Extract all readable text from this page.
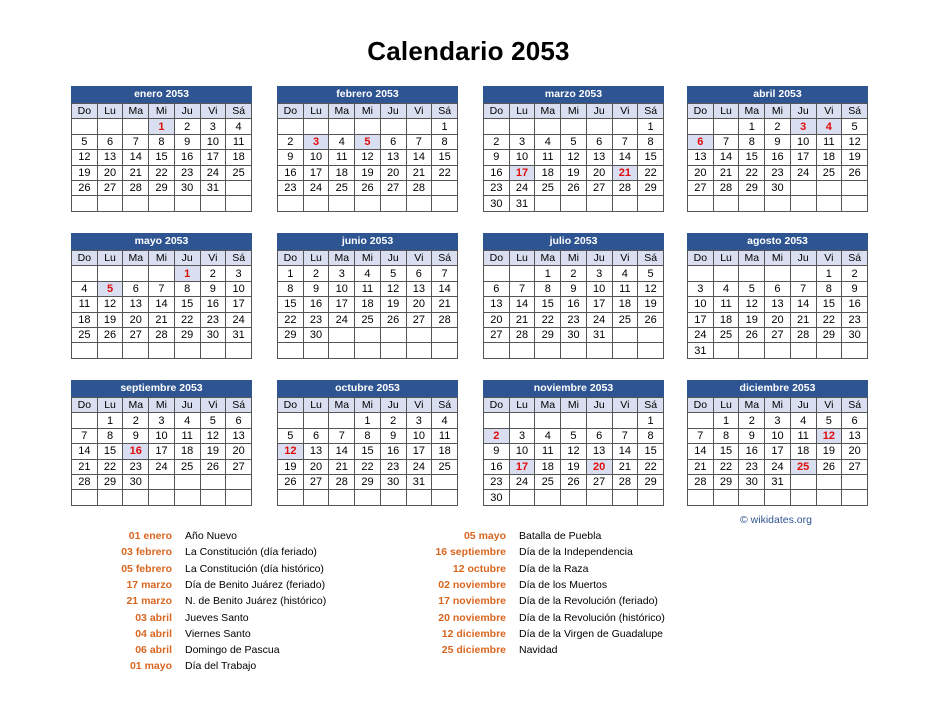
Calendario 2053
enero 2053
Do	Lu	Ma	Mi	Ju	Vi	Sá
			1	2	3	4
5	6	7	8	9	10	11
12	13	14	15	16	17	18
19	20	21	22	23	24	25
26	27	28	29	30	31	

febrero 2053
Do	Lu	Ma	Mi	Ju	Vi	Sá
						1
2	3	4	5	6	7	8
9	10	11	12	13	14	15
16	17	18	19	20	21	22
23	24	25	26	27	28	

marzo 2053
Do	Lu	Ma	Mi	Ju	Vi	Sá
						1
2	3	4	5	6	7	8
9	10	11	12	13	14	15
16	17	18	19	20	21	22
23	24	25	26	27	28	29
30	31					
abril 2053
Do	Lu	Ma	Mi	Ju	Vi	Sá
		1	2	3	4	5
6	7	8	9	10	11	12
13	14	15	16	17	18	19
20	21	22	23	24	25	26
27	28	29	30			

mayo 2053
Do	Lu	Ma	Mi	Ju	Vi	Sá
				1	2	3
4	5	6	7	8	9	10
11	12	13	14	15	16	17
18	19	20	21	22	23	24
25	26	27	28	29	30	31

junio 2053
Do	Lu	Ma	Mi	Ju	Vi	Sá
1	2	3	4	5	6	7
8	9	10	11	12	13	14
15	16	17	18	19	20	21
22	23	24	25	26	27	28
29	30					

julio 2053
Do	Lu	Ma	Mi	Ju	Vi	Sá
		1	2	3	4	5
6	7	8	9	10	11	12
13	14	15	16	17	18	19
20	21	22	23	24	25	26
27	28	29	30	31		

agosto 2053
Do	Lu	Ma	Mi	Ju	Vi	Sá
					1	2
3	4	5	6	7	8	9
10	11	12	13	14	15	16
17	18	19	20	21	22	23
24	25	26	27	28	29	30
31						
septiembre 2053
Do	Lu	Ma	Mi	Ju	Vi	Sá
	1	2	3	4	5	6
7	8	9	10	11	12	13
14	15	16	17	18	19	20
21	22	23	24	25	26	27
28	29	30				

octubre 2053
Do	Lu	Ma	Mi	Ju	Vi	Sá
			1	2	3	4
5	6	7	8	9	10	11
12	13	14	15	16	17	18
19	20	21	22	23	24	25
26	27	28	29	30	31	

noviembre 2053
Do	Lu	Ma	Mi	Ju	Vi	Sá
						1
2	3	4	5	6	7	8
9	10	11	12	13	14	15
16	17	18	19	20	21	22
23	24	25	26	27	28	29
30						
diciembre 2053
Do	Lu	Ma	Mi	Ju	Vi	Sá
	1	2	3	4	5	6
7	8	9	10	11	12	13
14	15	16	17	18	19	20
21	22	23	24	25	26	27
28	29	30	31			

© wikidates.org
01 enero Año Nuevo
03 febrero La Constitución (día feriado)
05 febrero La Constitución (día histórico)
17 marzo Día de Benito Juárez (feriado)
21 marzo N. de Benito Juárez (histórico)
03 abril Jueves Santo
04 abril Viernes Santo
06 abril Domingo de Pascua
01 mayo Día del Trabajo
05 mayo Batalla de Puebla
16 septiembre Día de la Independencia
12 octubre Día de la Raza
02 noviembre Día de los Muertos
17 noviembre Día de la Revolución (feriado)
20 noviembre Día de la Revolución (histórico)
12 diciembre Día de la Virgen de Guadalupe
25 diciembre Navidad
